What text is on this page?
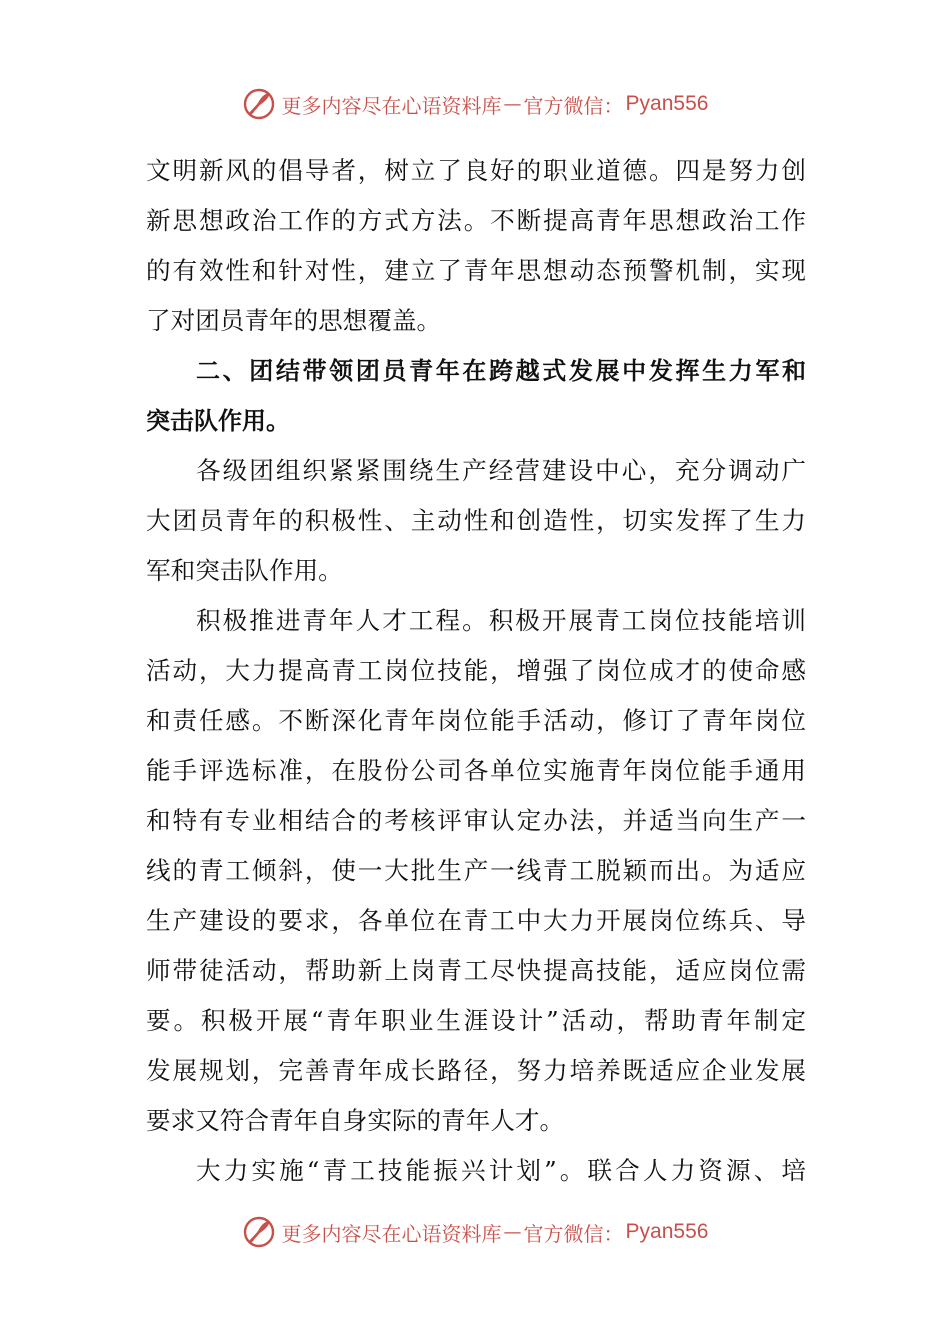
更多内容尽在心语资料库 — 官方微信： Pyan556
文明新风的倡导者，树立了良好的职业道德。四是努力创
新思想政治工作的方式方法。不断提高青年思想政治工作
的有效性和针对性，建立了青年思想动态预警机制，实现
了对团员青年的思想覆盖。
二、团结带领团员青年在跨越式发展中发挥生力军和
突击队作用。
各级团组织紧紧围绕生产经营建设中心，充分调动广
大团员青年的积极性、主动性和创造性，切实发挥了生力
军和突击队作用。
积极推进青年人才工程。积极开展青工岗位技能培训
活动，大力提高青工岗位技能，增强了岗位成才的使命感
和责任感。不断深化青年岗位能手活动，修订了青年岗位
能手评选标准，在股份公司各单位实施青年岗位能手通用
和特有专业相结合的考核评审认定办法，并适当向生产一
线的青工倾斜，使一大批生产一线青工脱颖而出。为适应
生产建设的要求，各单位在青工中大力开展岗位练兵、导
师带徒活动，帮助新上岗青工尽快提高技能，适应岗位需
要。积极开展“青年职业生涯设计”活动，帮助青年制定
发展规划，完善青年成长路径，努力培养既适应企业发展
要求又符合青年自身实际的青年人才。
大力实施“青工技能振兴计划”。联合人力资源、培
更多内容尽在心语资料库 — 官方微信： Pyan556
